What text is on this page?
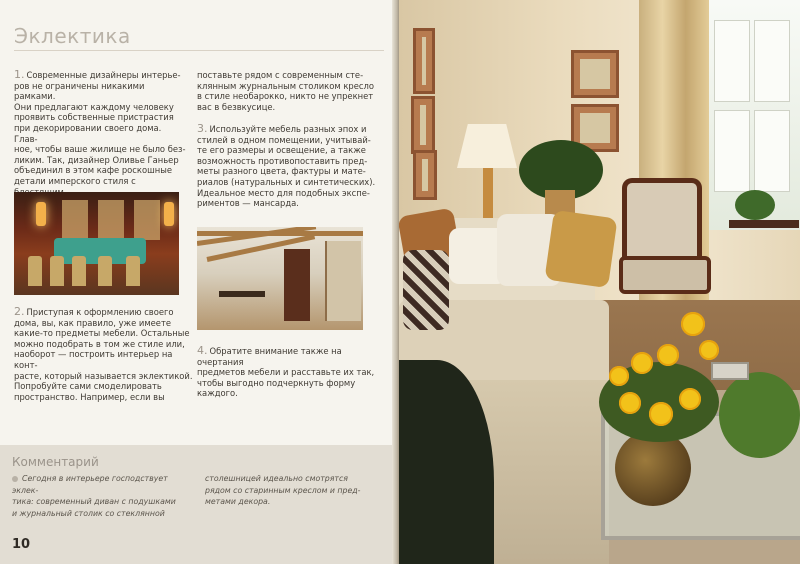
Эклектика
1. Современные дизайнеры интерье-
ров не ограничены никакими рамками.
Они предлагают каждому человеку
проявить собственные пристрастия
при декорировании своего дома. Глав-
ное, чтобы ваше жилище не было без-
ликим. Так, дизайнер Оливье Ганьер
объединил в этом кафе роскошные
детали имперского стиля с

поставьте рядом с современным сте-
клянным журнальным столиком кресло
в стиле необарокко, никто не упрекнет
вас в безвкусице.
3. Используйте мебель разных эпох и
стилей в одном помещении, учитывай-
те его размеры и освещение, а также
возможность противопоставить пред-
меты разного цвета, фактуры и мате-
риалов (натуральных и синтетических).
Идеальное место для подобных экспе-
риментов — мансарда.
2. Приступая к оформлению своего
дома, вы, как правило, уже имеете
какие-то предметы мебели. Остальные
можно подобрать в том же стиле или,
наоборот — построить интерьер на конт-
расте, который называется эклектикой.
Попробуйте сами смоделировать
пространство. Например, если вы
4. Обратите внимание также на очертания
предметов мебели и расставьте их так,
чтобы выгодно подчеркнуть форму
каждого.
Комментарий
Сегодня в интерьере господствует эклек-
тика: современный диван с подушками
и журнальный столик со стеклянной
столешницей идеально смотрятся
рядом со старинным креслом и пред-
метами декора.
10
